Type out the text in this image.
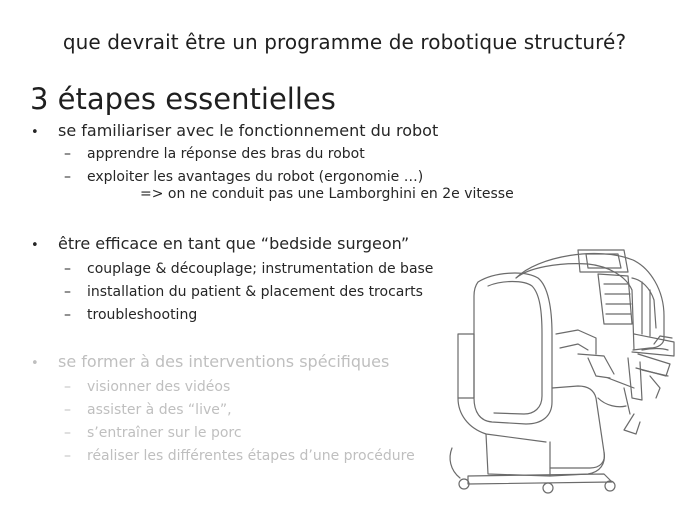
que devrait être un programme de robotique structuré?
3 étapes essentielles
• se familiariser avec le fonctionnement du robot
– apprendre la réponse des bras du robot
– exploiter les avantages du robot (ergonomie …)
=> on ne conduit pas une Lamborghini en 2e vitesse
• être efficace en tant que “bedside surgeon”
– couplage & découplage; instrumentation de base
– installation du patient & placement des trocarts
– troubleshooting
• se former à des interventions spécifiques
– visionner des vidéos
– assister à des “live”,
– s’entraîner sur le porc
– réaliser les différentes étapes d’une procédure
